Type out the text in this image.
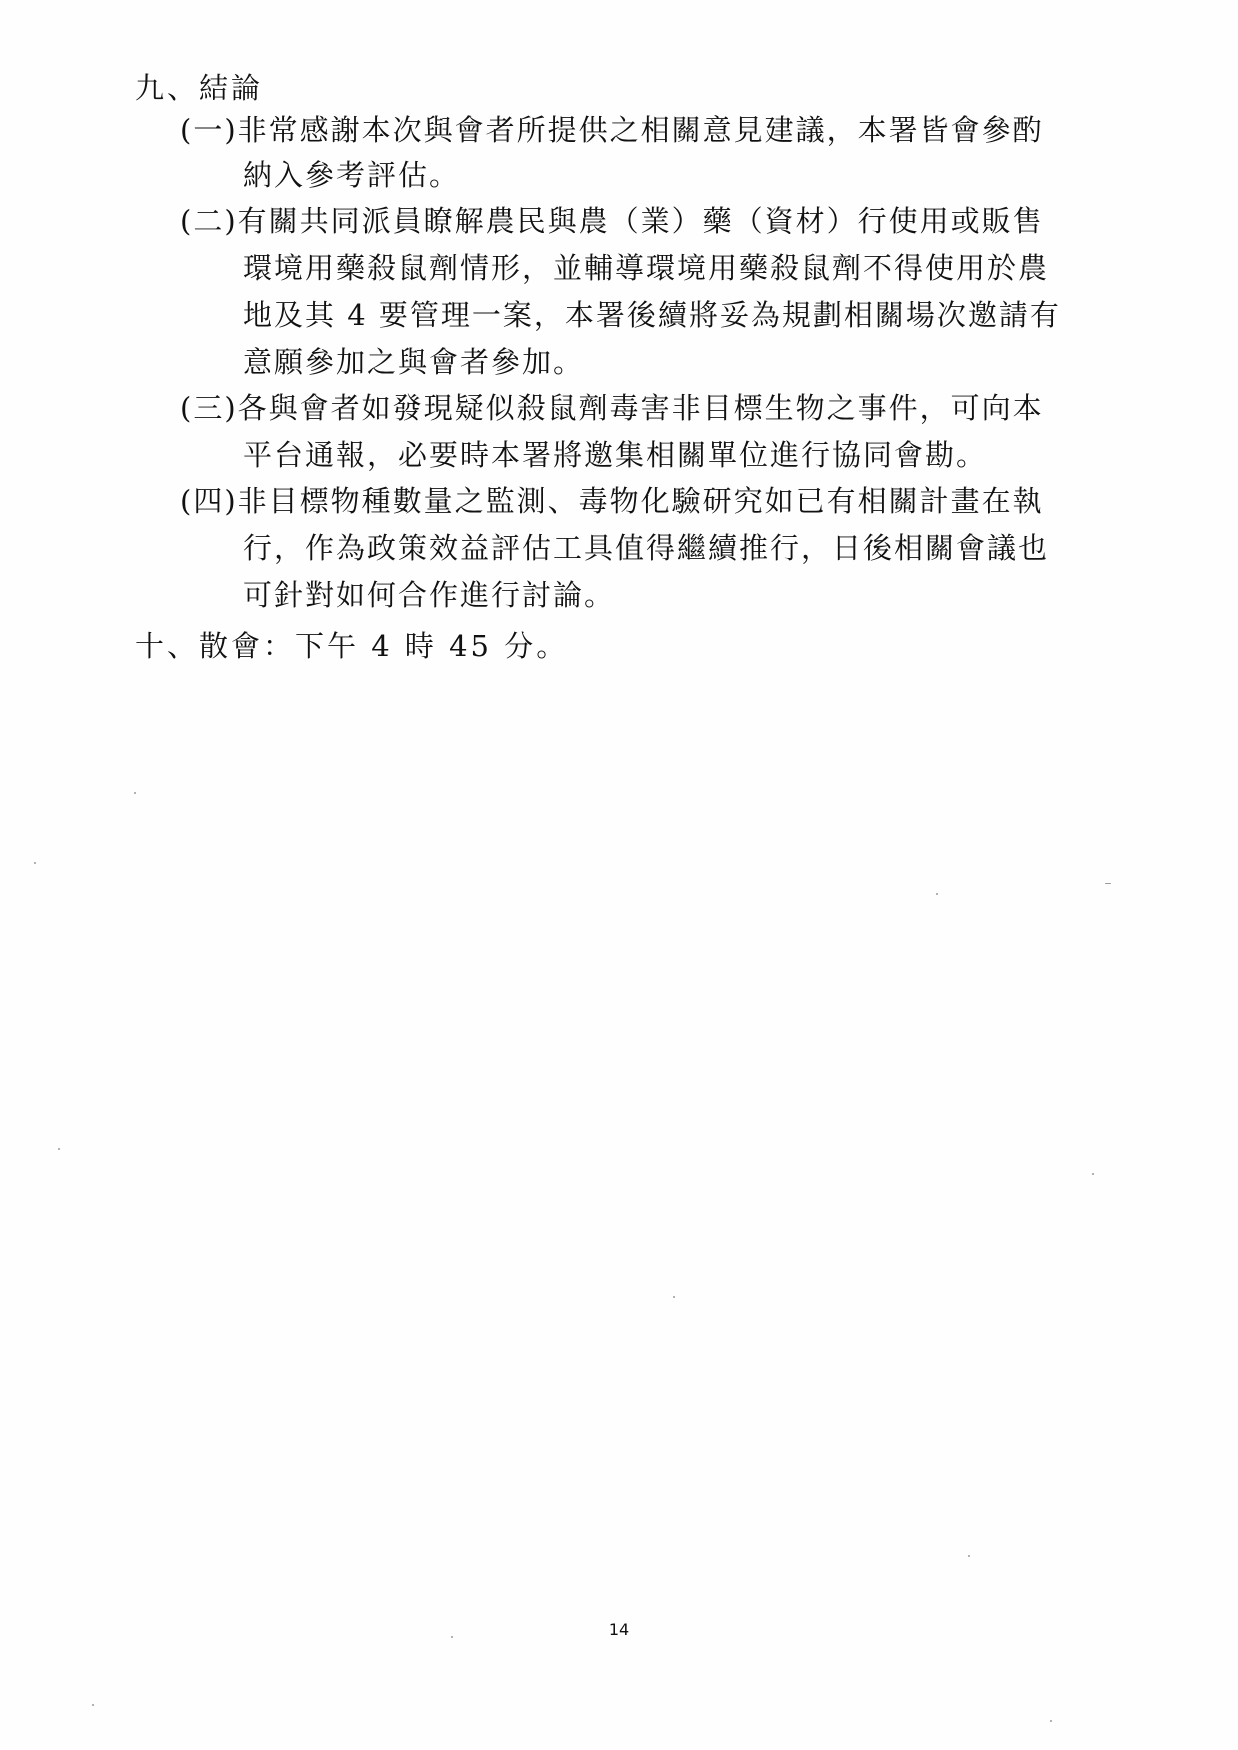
九、結論
(一)非常感謝本次與會者所提供之相關意見建議，本署皆會參酌
納入參考評估。
(二)有關共同派員瞭解農民與農（業）藥（資材）行使用或販售
環境用藥殺鼠劑情形，並輔導環境用藥殺鼠劑不得使用於農
地及其 4 要管理一案，本署後續將妥為規劃相關場次邀請有
意願參加之與會者參加。
(三)各與會者如發現疑似殺鼠劑毒害非目標生物之事件，可向本
平台通報，必要時本署將邀集相關單位進行協同會勘。
(四)非目標物種數量之監測、毒物化驗研究如已有相關計畫在執
行，作為政策效益評估工具值得繼續推行，日後相關會議也
可針對如何合作進行討論。
十、散會：下午 4 時 45 分。
14
